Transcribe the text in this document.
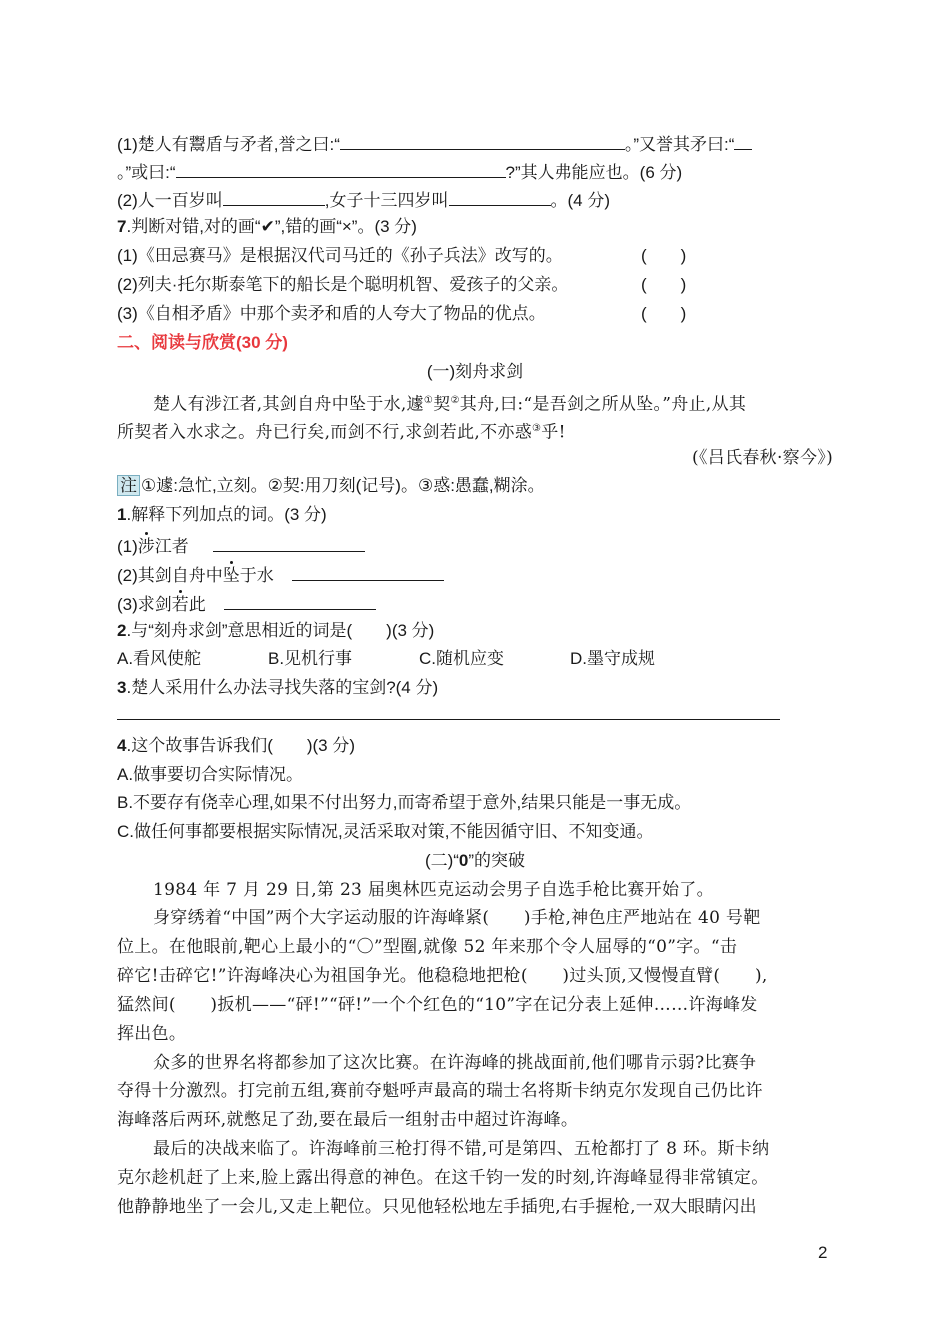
(1)楚人有鬻盾与矛者,誉之曰:“	。”又誉其矛曰:“
。”或曰:“	?”其人弗能应也。(6 分)
(2)人一百岁叫	,女子十三四岁叫	。(4 分)
7.判断对错,对的画“✔”,错的画“×”。(3 分)
(1)《田忌赛马》是根据汉代司马迁的《孙子兵法》改写的。	(　　)
(2)列夫·托尔斯泰笔下的船长是个聪明机智、爱孩子的父亲。	(　　)
(3)《自相矛盾》中那个卖矛和盾的人夸大了物品的优点。	(　　)
二、阅读与欣赏(30 分)
(一)刻舟求剑
楚人有涉江者,其剑自舟中坠于水,遽①契②其舟,曰:“是吾剑之所从坠。”舟止,从其
所契者入水求之。舟已行矣,而剑不行,求剑若此,不亦惑③乎!
(《吕氏春秋·察今》)
注 ①遽:急忙,立刻。②契:用刀刻(记号)。③惑:愚蠢,糊涂。
1.解释下列加点的词。(3 分)
(1)涉江者
(2)其剑自舟中坠于水
(3)求剑若此
2.与“刻舟求剑”意思相近的词是(　　)(3 分)
A.看风使舵	B.见机行事	C.随机应变	D.墨守成规
3.楚人采用什么办法寻找失落的宝剑?(4 分)
4.这个故事告诉我们(　　)(3 分)
A.做事要切合实际情况。
B.不要存有侥幸心理,如果不付出努力,而寄希望于意外,结果只能是一事无成。
C.做任何事都要根据实际情况,灵活采取对策,不能因循守旧、不知变通。
(二)“0”的突破
1984 年 7 月 29 日,第 23 届奥林匹克运动会男子自选手枪比赛开始了。
身穿绣着“中国”两个大字运动服的许海峰紧(　　)手枪,神色庄严地站在 40 号靶
位上。在他眼前,靶心上最小的“〇”型圈,就像 52 年来那个令人屈辱的“0”字。“击
碎它!击碎它!”许海峰决心为祖国争光。他稳稳地把枪(　　)过头顶,又慢慢直臂(　　),
猛然间(　　)扳机——“砰!”“砰!”一个个红色的“10”字在记分表上延伸……许海峰发
挥出色。
众多的世界名将都参加了这次比赛。在许海峰的挑战面前,他们哪肯示弱?比赛争
夺得十分激烈。打完前五组,赛前夺魁呼声最高的瑞士名将斯卡纳克尔发现自己仍比许
海峰落后两环,就憋足了劲,要在最后一组射击中超过许海峰。
最后的决战来临了。许海峰前三枪打得不错,可是第四、五枪都打了 8 环。斯卡纳
克尔趁机赶了上来,脸上露出得意的神色。在这千钧一发的时刻,许海峰显得非常镇定。
他静静地坐了一会儿,又走上靶位。只见他轻松地左手插兜,右手握枪,一双大眼睛闪出
2
